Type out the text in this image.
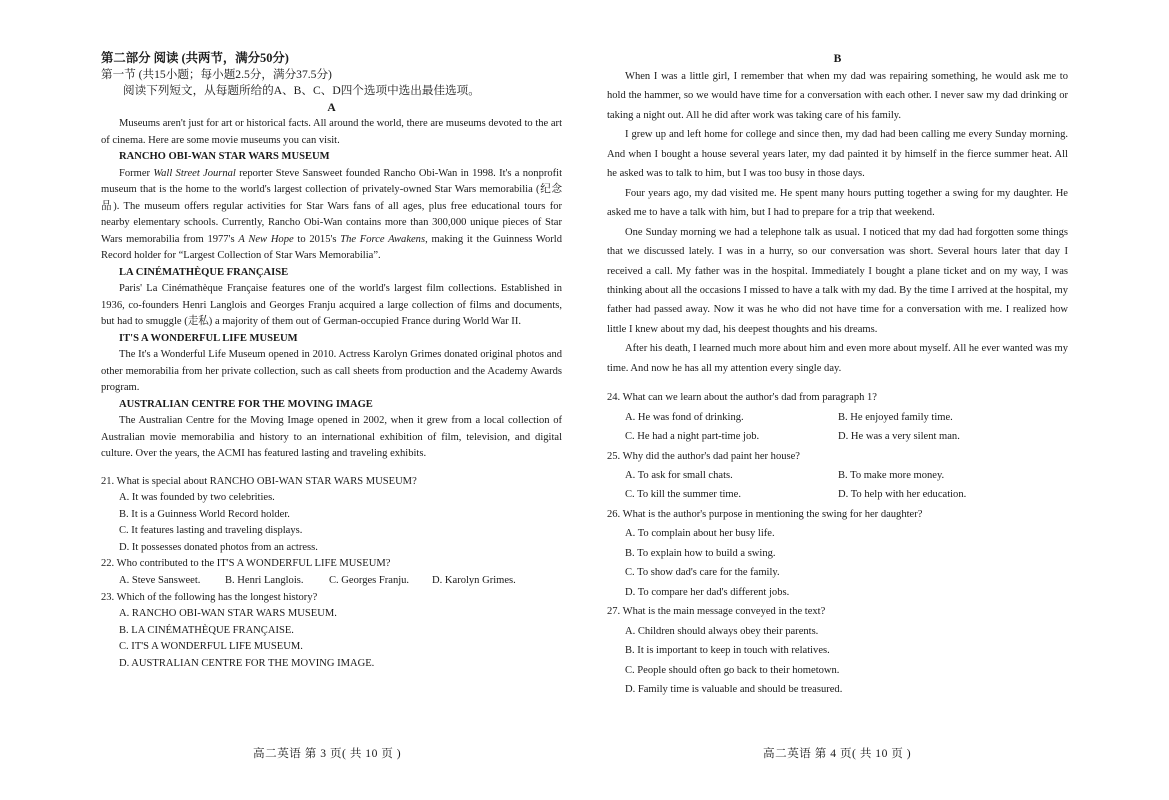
第二部分 阅读 (共两节，满分50分)
第一节 (共15小题；每小题2.5分，满分37.5分)
阅读下列短文，从每题所给的A、B、C、D四个选项中选出最佳选项。
A

Museums aren't just for art or historical facts. All around the world, there are museums devoted to the art of cinema. Here are some movie museums you can visit.

RANCHO OBI-WAN STAR WARS MUSEUM

Former Wall Street Journal reporter Steve Sansweet founded Rancho Obi-Wan in 1998. It's a nonprofit museum that is the home to the world's largest collection of privately-owned Star Wars memorabilia (纪念品). The museum offers regular activities for Star Wars fans of all ages, plus free educational tours for nearby elementary schools. Currently, Rancho Obi-Wan contains more than 300,000 unique pieces of Star Wars memorabilia from 1977's A New Hope to 2015's The Force Awakens, making it the Guinness World Record holder for “Largest Collection of Star Wars Memorabilia”.

LA CINÉMATHÈQUE FRANÇAISE

Paris' La Cinémathèque Française features one of the world's largest film collections. Established in 1936, co-founders Henri Langlois and Georges Franju acquired a large collection of films and documents, but had to smuggle (走私) a majority of them out of German-occupied France during World War II.

IT'S A WONDERFUL LIFE MUSEUM

The It's a Wonderful Life Museum opened in 2010. Actress Karolyn Grimes donated original photos and other memorabilia from her private collection, such as call sheets from production and the Academy Awards program.

AUSTRALIAN CENTRE FOR THE MOVING IMAGE

The Australian Centre for the Moving Image opened in 2002, when it grew from a local collection of Australian movie memorabilia and history to an international exhibition of film, television, and digital culture. Over the years, the ACMI has featured lasting and traveling exhibits.

21. What is special about RANCHO OBI-WAN STAR WARS MUSEUM?
A. It was founded by two celebrities.
B. It is a Guinness World Record holder.
C. It features lasting and traveling displays.
D. It possesses donated photos from an actress.
22. Who contributed to the IT'S A WONDERFUL LIFE MUSEUM?
A. Steve Sansweet. B. Henri Langlois. C. Georges Franju. D. Karolyn Grimes.
23. Which of the following has the longest history?
A. RANCHO OBI-WAN STAR WARS MUSEUM.
B. LA CINÉMATHÈQUE FRANÇAISE.
C. IT'S A WONDERFUL LIFE MUSEUM.
D. AUSTRALIAN CENTRE FOR THE MOVING IMAGE.
B

When I was a little girl, I remember that when my dad was repairing something, he would ask me to hold the hammer, so we would have time for a conversation with each other. I never saw my dad drinking or taking a night out. All he did after work was taking care of his family.

I grew up and left home for college and since then, my dad had been calling me every Sunday morning. And when I bought a house several years later, my dad painted it by himself in the fierce summer heat. All he asked was to talk to him, but I was too busy in those days.

Four years ago, my dad visited me. He spent many hours putting together a swing for my daughter. He asked me to have a talk with him, but I had to prepare for a trip that weekend.

One Sunday morning we had a telephone talk as usual. I noticed that my dad had forgotten some things that we discussed lately. I was in a hurry, so our conversation was short. Several hours later that day I received a call. My father was in the hospital. Immediately I bought a plane ticket and on my way, I was thinking about all the occasions I missed to have a talk with my dad. By the time I arrived at the hospital, my father had passed away. Now it was he who did not have time for a conversation with me. I realized how little I knew about my dad, his deepest thoughts and his dreams.

After his death, I learned much more about him and even more about myself. All he ever wanted was my time. And now he has all my attention every single day.

24. What can we learn about the author's dad from paragraph 1?
A. He was fond of drinking.	B. He enjoyed family time.
C. He had a night part-time job.	D. He was a very silent man.
25. Why did the author's dad paint her house?
A. To ask for small chats.	B. To make more money.
C. To kill the summer time.	D. To help with her education.
26. What is the author's purpose in mentioning the swing for her daughter?
A. To complain about her busy life.
B. To explain how to build a swing.
C. To show dad's care for the family.
D. To compare her dad's different jobs.
27. What is the main message conveyed in the text?
A. Children should always obey their parents.
B. It is important to keep in touch with relatives.
C. People should often go back to their hometown.
D. Family time is valuable and should be treasured.
高二英语 第 3 页( 共 10 页 )	高二英语 第 4 页( 共 10 页 )
